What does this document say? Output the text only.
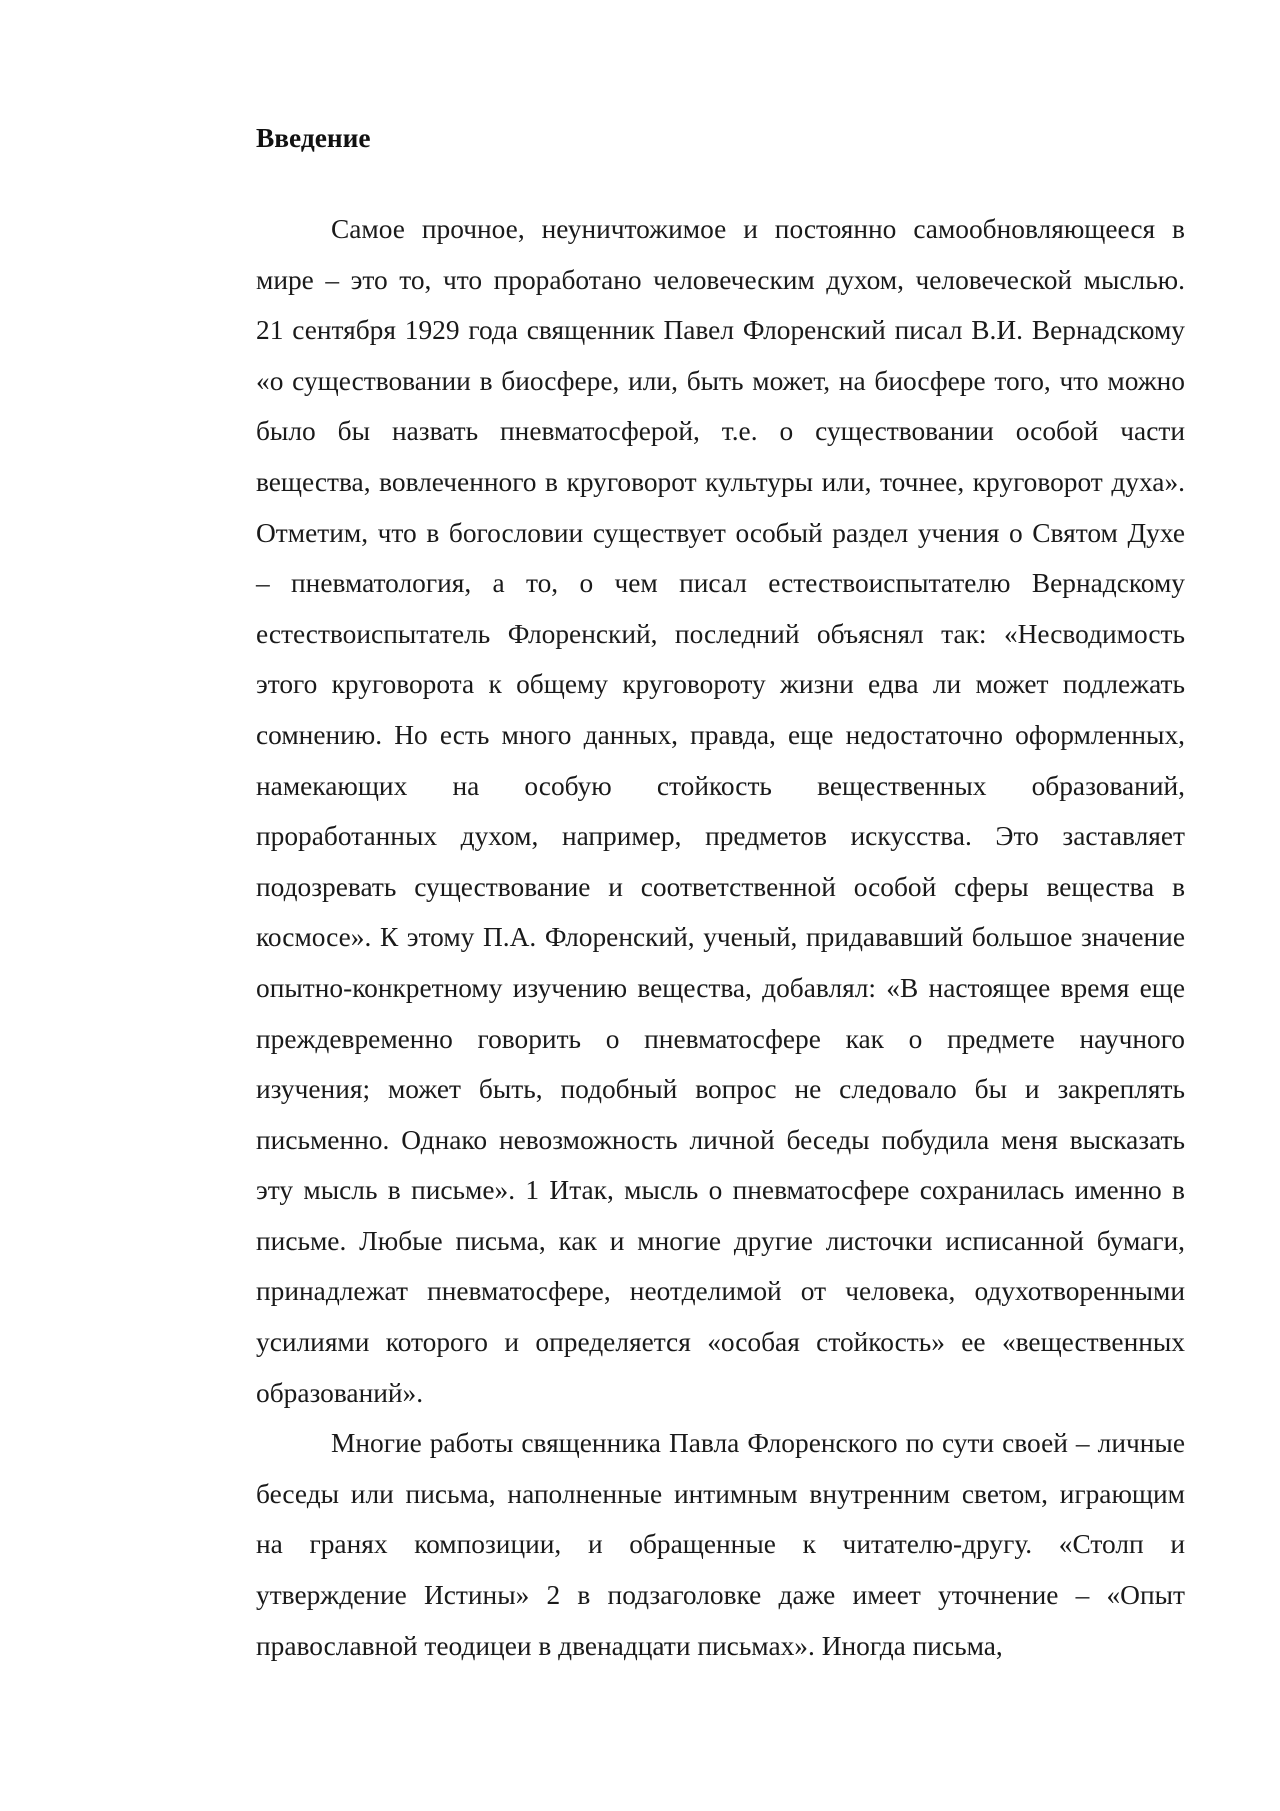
Введение
Самое прочное, неуничтожимое и постоянно самообновляющееся в
мире – это то, что проработано человеческим духом, человеческой мыслью.
21 сентября 1929 года священник Павел Флоренский писал В.И. Вернадскому
«о существовании в биосфере, или, быть может, на биосфере того, что можно
было бы назвать пневматосферой, т.е. о существовании особой части
вещества, вовлеченного в круговорот культуры или, точнее, круговорот духа».
Отметим, что в богословии существует особый раздел учения о Святом Духе
– пневматология, а то, о чем писал естествоиспытателю Вернадскому
естествоиспытатель Флоренский, последний объяснял так: «Несводимость
этого круговорота к общему круговороту жизни едва ли может подлежать
сомнению. Но есть много данных, правда, еще недостаточно оформленных,
намекающих на особую стойкость вещественных образований,
проработанных духом, например, предметов искусства. Это заставляет
подозревать существование и соответственной особой сферы вещества в
космосе». К этому П.А. Флоренский, ученый, придававший большое значение
опытно-конкретному изучению вещества, добавлял: «В настоящее время еще
преждевременно говорить о пневматосфере как о предмете научного
изучения; может быть, подобный вопрос не следовало бы и закреплять
письменно. Однако невозможность личной беседы побудила меня высказать
эту мысль в письме». 1 Итак, мысль о пневматосфере сохранилась именно в
письме. Любые письма, как и многие другие листочки исписанной бумаги,
принадлежат пневматосфере, неотделимой от человека, одухотворенными
усилиями которого и определяется «особая стойкость» ее «вещественных
образований».
Многие работы священника Павла Флоренского по сути своей – личные
беседы или письма, наполненные интимным внутренним светом, играющим
на гранях композиции, и обращенные к читателю-другу. «Столп и
утверждение Истины» 2 в подзаголовке даже имеет уточнение – «Опыт
православной теодицеи в двенадцати письмах». Иногда письма,
